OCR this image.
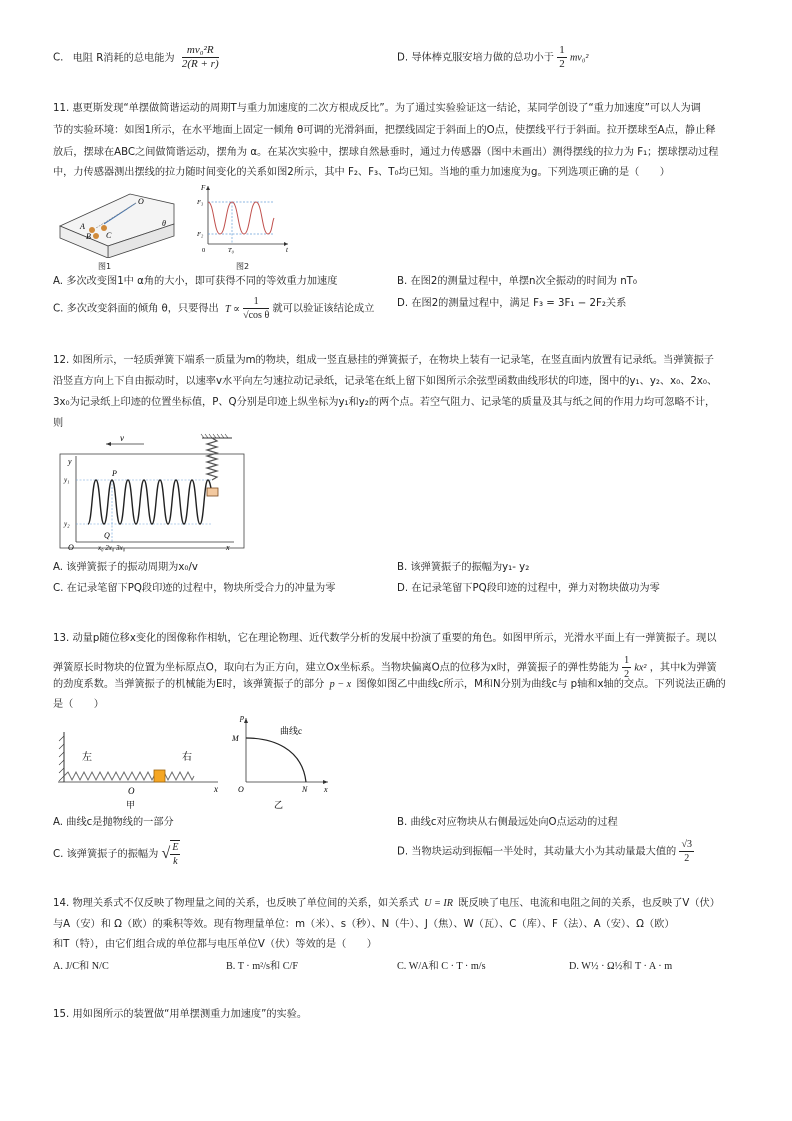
C. 电阻 R消耗的总电能为 $\frac{\text{mv₀²R}}{2(R + r)}$	D. 导体棒克服安培力做的总功小于 $\frac{1}{2} mv_0^2$
11. 惠更斯发现“单摆做简谐运动的周期T与重力加速度的二次方根成反比”。为了通过实验验证这一结论，某同学创设了“重力加速度”可以人为调
节的实验环境：如图1所示，在水平地面上固定一倾角 θ可调的光滑斜面，把摆线固定于斜面上的O点，使摆线平行于斜面。拉开摆球至A点，静止释
放后，摆球在ABC之间做简谐运动，摆角为 α。在某次实验中，摆球自然悬垂时，通过力传感器（图中未画出）测得摆线的拉力为 F₁；摆球摆动过程
中，力传感器测出摆线的拉力随时间变化的关系如图2所示，其中 F₂、F₃、T₀均已知。当地的重力加速度为g。下列选项正确的是（　　）
O
A
B C
θ
图1
F
F₃
F₂
0	T₀	t
图2
A. 多次改变图1中 α角的大小，即可获得不同的等效重力加速度	B. 在图2的测量过程中，单摆n次全振动的时间为 nT₀
C. 多次改变斜面的倾角 θ，只要得出 $T \propto \frac{1}{\text{√cos θ}}$ 就可以验证该结论成立 D. 在图2的测量过程中，满足 F₃ = 3F₁ − 2F₂关系
12. 如图所示，一轻质弹簧下端系一质量为m的物块，组成一竖直悬挂的弹簧振子，在物块上装有一记录笔，在竖直面内放置有记录纸。当弹簧振子
沿竖直方向上下自由振动时，以速率v水平向左匀速拉动记录纸，记录笔在纸上留下如图所示余弦型函数曲线形状的印迹，图中的y₁、y₂、x₀、2x₀、
3x₀为记录纸上印迹的位置坐标值，P、Q分别是印迹上纵坐标为y₁和y₂的两个点。若空气阻力、记录笔的质量及其与纸之间的作用力均可忽略不计，
则
v
y
y₁
y₂
P
Q
O	x₀ 2x₀ 3x₀	x
A. 该弹簧振子的振动周期为x₀/v	B. 该弹簧振子的振幅为y₁- y₂
C. 在记录笔留下PQ段印迹的过程中，物块所受合力的冲量为零	D. 在记录笔留下PQ段印迹的过程中，弹力对物块做功为零
13. 动量p随位移x变化的图像称作相轨，它在理论物理、近代数学分析的发展中扮演了重要的角色。如图甲所示，光滑水平面上有一弹簧振子。现以
弹簧原长时物块的位置为坐标原点O，取向右为正方向，建立Ox坐标系。当物块偏离O点的位移为x时，弹簧振子的弹性势能为 $\frac{1}{2} kx^2$ ，其中k为弹簧
的劲度系数。当弹簧振子的机械能为E时，该弹簧振子的部分 p − x 图像如图乙中曲线c所示，M和N分别为曲线c与 p轴和x轴的交点。下列说法正确的
是（　　）
左	右
O	x
甲
p
M
曲线c
O	N x
乙
A. 曲线c是抛物线的一部分	B. 曲线c对应物块从右侧最远处向O点运动的过程
C. 该弹簧振子的振幅为 √ $\frac{E}{k}$	D. 当物块运动到振幅一半处时，其动量大小为其动量最大值的 $\frac{√3}{2}$
14. 物理关系式不仅反映了物理量之间的关系，也反映了单位间的关系，如关系式 U = IR 既反映了电压、电流和电阻之间的关系，也反映了V（伏）
与A（安）和 Ω（欧）的乘积等效。现有物理量单位：m（米）、s（秒）、N（牛）、J（焦）、W（瓦）、C（库）、F（法）、A（安）、Ω（欧）
和T（特），由它们组合成的单位都与电压单位V（伏）等效的是（　　）
A. J/C和 N/C	B. T · m²/s和 C/F	C. W/A和 C · T · m/s	D. W½ · Ω½和 T · A · m
15. 用如图所示的装置做“用单摆测重力加速度”的实验。
